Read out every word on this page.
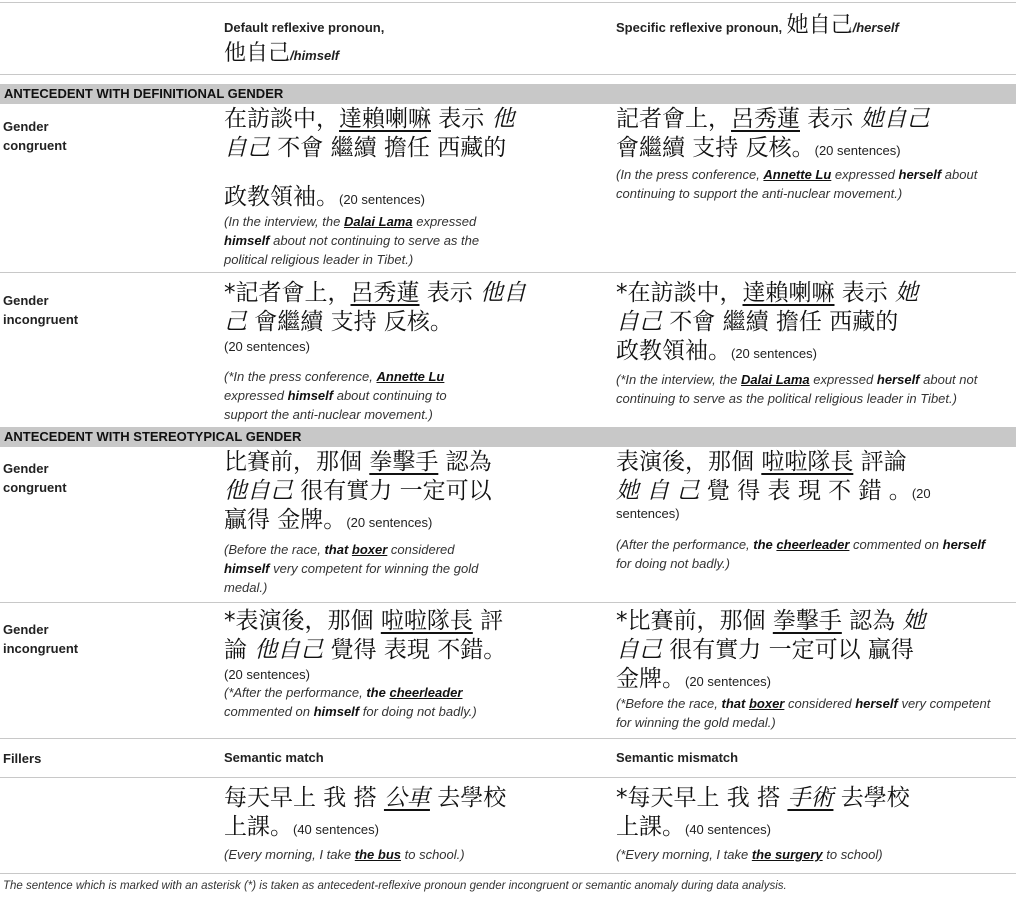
Default reflexive pronoun,
他自己/himself
Specific reflexive pronoun, 她自己/herself
ANTECEDENT WITH DEFINITIONAL GENDER
ANTECEDENT WITH STEREOTYPICAL GENDER
Gender
congruent
Gender
incongruent
Gender
congruent
Gender
incongruent
Fillers
在訪談中，達賴喇嘛 表示 他
自己 不會 繼續 擔任 西藏的
政教領袖。(20 sentences)
(In the interview, the Dalai Lama expressed
himself about not continuing to serve as the
political religious leader in Tibet.)
記者會上，呂秀蓮 表示 她自己
會繼續 支持 反核。(20 sentences)
(In the press conference, Annette Lu expressed herself about
continuing to support the anti-nuclear movement.)
*記者會上，呂秀蓮 表示 他自
己 會繼續 支持 反核。
(20 sentences)
(*In the press conference, Annette Lu
expressed himself about continuing to
support the anti-nuclear movement.)
*在訪談中，達賴喇嘛 表示 她
自己 不會 繼續 擔任 西藏的
政教領袖。(20 sentences)
(*In the interview, the Dalai Lama expressed herself about not
continuing to serve as the political religious leader in Tibet.)
比賽前，那個 拳擊手 認為
他自己 很有實力 一定可以
贏得 金牌。(20 sentences)
(Before the race, that boxer considered
himself very competent for winning the gold
medal.)
表演後，那個 啦啦隊長 評論
她 自 己 覺 得 表 現 不 錯 。(20
sentences)
(After the performance, the cheerleader commented on herself
for doing not badly.)
*表演後，那個 啦啦隊長 評
論 他自己 覺得 表現 不錯。
(20 sentences)
(*After the performance, the cheerleader
commented on himself for doing not badly.)
*比賽前，那個 拳擊手 認為 她
自己 很有實力 一定可以 贏得
金牌。(20 sentences)
(*Before the race, that boxer considered herself very competent
for winning the gold medal.)
Semantic match	Semantic mismatch
每天早上 我 搭 公車 去學校
上課。(40 sentences)
(Every morning, I take the bus to school.)
*每天早上 我 搭 手術 去學校
上課。(40 sentences)
(*Every morning, I take the surgery to school)
The sentence which is marked with an asterisk (*) is taken as antecedent-reflexive pronoun gender incongruent or semantic anomaly during data analysis.
